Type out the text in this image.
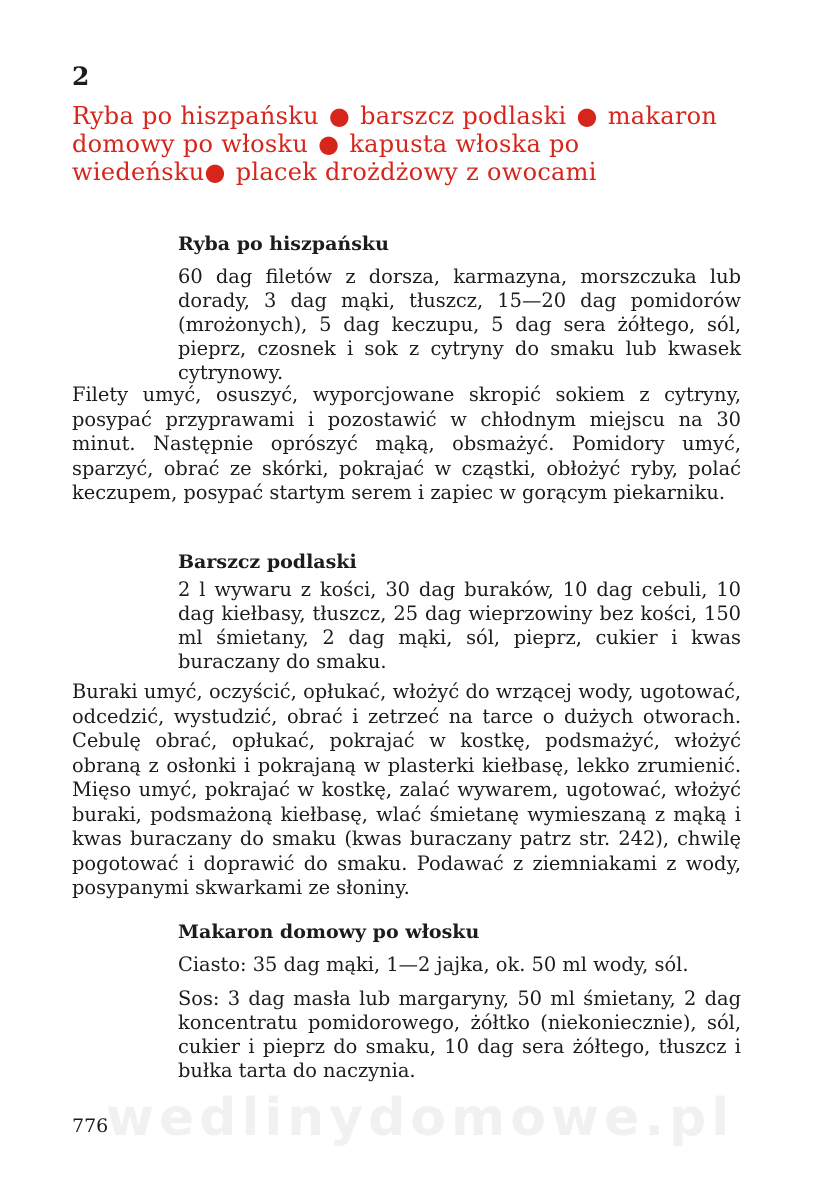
2
Ryba po hiszpańsku ● barszcz podlaski ● makaron domowy po włosku ● kapusta włoska po wiedeńsku● placek drożdżowy z owocami
Ryba po hiszpańsku
60 dag filetów z dorsza, karmazyna, morszczuka lub dorady, 3 dag mąki, tłuszcz, 15—20 dag pomidorów (mrożonych), 5 dag keczupu, 5 dag sera żółtego, sól, pieprz, czosnek i sok z cytryny do smaku lub kwasek cytrynowy.
Filety umyć, osuszyć, wyporcjowane skropić sokiem z cytryny, posypać przyprawami i pozostawić w chłodnym miejscu na 30 minut. Następnie oprószyć mąką, obsmażyć. Pomidory umyć, sparzyć, obrać ze skórki, pokrajać w cząstki, obłożyć ryby, polać keczupem, posypać startym serem i zapiec w gorącym piekarniku.
Barszcz podlaski
2 l wywaru z kości, 30 dag buraków, 10 dag cebuli, 10 dag kiełbasy, tłuszcz, 25 dag wieprzowiny bez kości, 150 ml śmietany, 2 dag mąki, sól, pieprz, cukier i kwas buraczany do smaku.
Buraki umyć, oczyścić, opłukać, włożyć do wrzącej wody, ugotować, odcedzić, wystudzić, obrać i zetrzeć na tarce o dużych otworach. Cebulę obrać, opłukać, pokrajać w kostkę, podsmażyć, włożyć obraną z osłonki i pokrajaną w plasterki kiełbasę, lekko zrumienić. Mięso umyć, pokrajać w kostkę, zalać wywarem, ugotować, włożyć buraki, podsmażoną kiełbasę, wlać śmietanę wymieszaną z mąką i kwas buraczany do smaku (kwas buraczany patrz str. 242), chwilę pogotować i doprawić do smaku. Podawać z ziemniakami z wody, posypanymi skwarkami ze słoniny.
Makaron domowy po włosku
Ciasto: 35 dag mąki, 1—2 jajka, ok. 50 ml wody, sól.
Sos: 3 dag masła lub margaryny, 50 ml śmietany, 2 dag koncentratu pomidorowego, żółtko (niekoniecznie), sól, cukier i pieprz do smaku, 10 dag sera żółtego, tłuszcz i bułka tarta do naczynia.
wedlinydomowe.pl
776
